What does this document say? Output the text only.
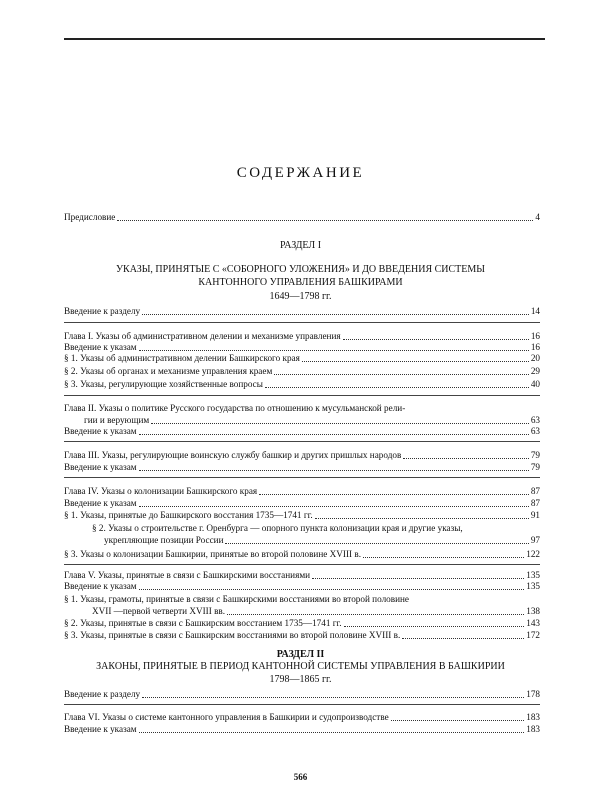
СОДЕРЖАНИЕ
Предисловие	4
РАЗДЕЛ I
УКАЗЫ, ПРИНЯТЫЕ С «СОБОРНОГО УЛОЖЕНИЯ» И ДО ВВЕДЕНИЯ СИСТЕМЫ
КАНТОННОГО УПРАВЛЕНИЯ БАШКИРАМИ
1649—1798 гг.
Введение к разделу	14
Глава I. Указы об административном делении и механизме управления	16
Введение к указам	16
§ 1. Указы об административном делении Башкирского края	20
§ 2. Указы об органах и механизме управления краем	29
§ 3. Указы, регулирующие хозяйственные вопросы	40
Глава II. Указы о политике Русского государства по отношению к мусульманской рели-
гии и верующим	63
Введение к указам	63
Глава III. Указы, регулирующие воинскую службу башкир и других пришлых народов	79
Введение к указам	79
Глава IV. Указы о колонизации Башкирского края	87
Введение к указам	87
§ 1. Указы, принятые до Башкирского восстания 1735—1741 гг.	91
§ 2. Указы о строительстве г. Оренбурга — опорного пункта колонизации края и другие указы,
укрепляющие позиции России	97
§ 3. Указы о колонизации Башкирии, принятые во второй половине XVIII в.	122
Глава V. Указы, принятые в связи с Башкирскими восстаниями	135
Введение к указам	135
§ 1. Указы, грамоты, принятые в связи с Башкирскими восстаниями во второй половине
XVII —первой четверти XVIII вв.	138
§ 2. Указы, принятые в связи с Башкирским восстанием 1735—1741 гг.	143
§ 3. Указы, принятые в связи с Башкирским восстаниями во второй половине XVIII в.	172
РАЗДЕЛ II
ЗАКОНЫ, ПРИНЯТЫЕ В ПЕРИОД КАНТОННОЙ СИСТЕМЫ УПРАВЛЕНИЯ В БАШКИРИИ
1798—1865 гг.
Введение к разделу	178
Глава VI. Указы о системе кантонного управления в Башкирии и судопроизводстве	183
Введение к указам	183
566
